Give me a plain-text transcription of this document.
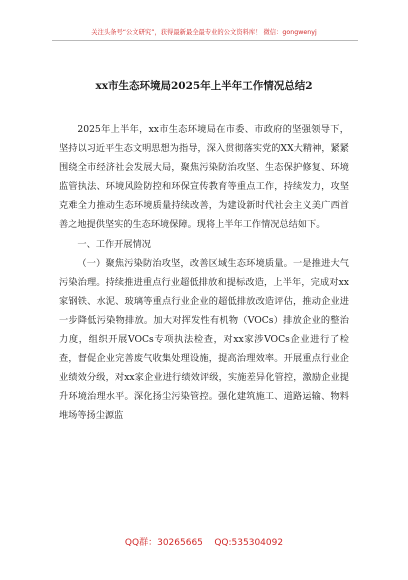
关注头条号“公文研究”，获得最新最全最专业的公文资料库！ 微信：gongwenyj
xx市生态环境局2025年上半年工作情况总结2

2025年上半年，xx市生态环境局在市委、市政府的坚强领导下，坚持以习近平生态文明思想为指导，深入贯彻落实党的XX大精神，紧紧围绕全市经济社会发展大局，聚焦污染防治攻坚、生态保护修复、环境监管执法、环境风险防控和环保宣传教育等重点工作，持续发力，攻坚克难全力推动生态环境质量持续改善，为建设新时代社会主义美广西首善之地提供坚实的生态环境保障。现将上半年工作情况总结如下。

一、工作开展情况

（一）聚焦污染防治攻坚，改善区域生态环境质量。一是推进大气污染治理。持续推进重点行业超低排放和提标改造，上半年，完成对xx家钢铁、水泥、玻璃等重点行业企业的超低排放改造评估，推动企业进一步降低污染物排放。加大对挥发性有机物（VOCs）排放企业的整治力度，组织开展VOCs专项执法检查，对xx家涉VOCs企业进行了检查，督促企业完善废气收集处理设施，提高治理效率。开展重点行业企业绩效分级，对xx家企业进行绩效评级，实施差异化管控，激励企业提升环境治理水平。深化扬尘污染管控。强化建筑施工、道路运输、物料堆场等扬尘源监

QQ群：30265665    QQ:535304092
